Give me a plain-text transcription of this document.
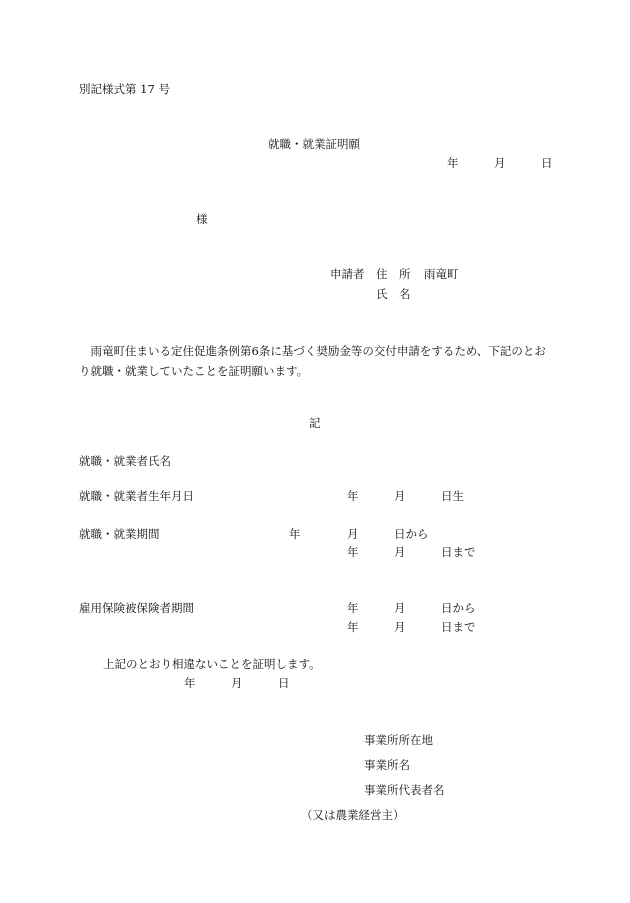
別記様式第 17 号
就職・就業証明願
年	月	日
様
申請者 住　所 雨竜町
氏　名
　雨竜町住まいる定住促進条例第6条に基づく奨励金等の交付申請をするため、下記のとおり就職・就業していたことを証明願います。
記
就職・就業者氏名
就職・就業者生年月日	年	月	日生
就職・就業期間	年	月	日から
年	月	日まで
雇用保険被保険者期間	年	月	日から
年	月	日まで
上記のとおり相違ないことを証明します。
年	月	日
事業所所在地
事業所名
事業所代表者名
（又は農業経営主）
